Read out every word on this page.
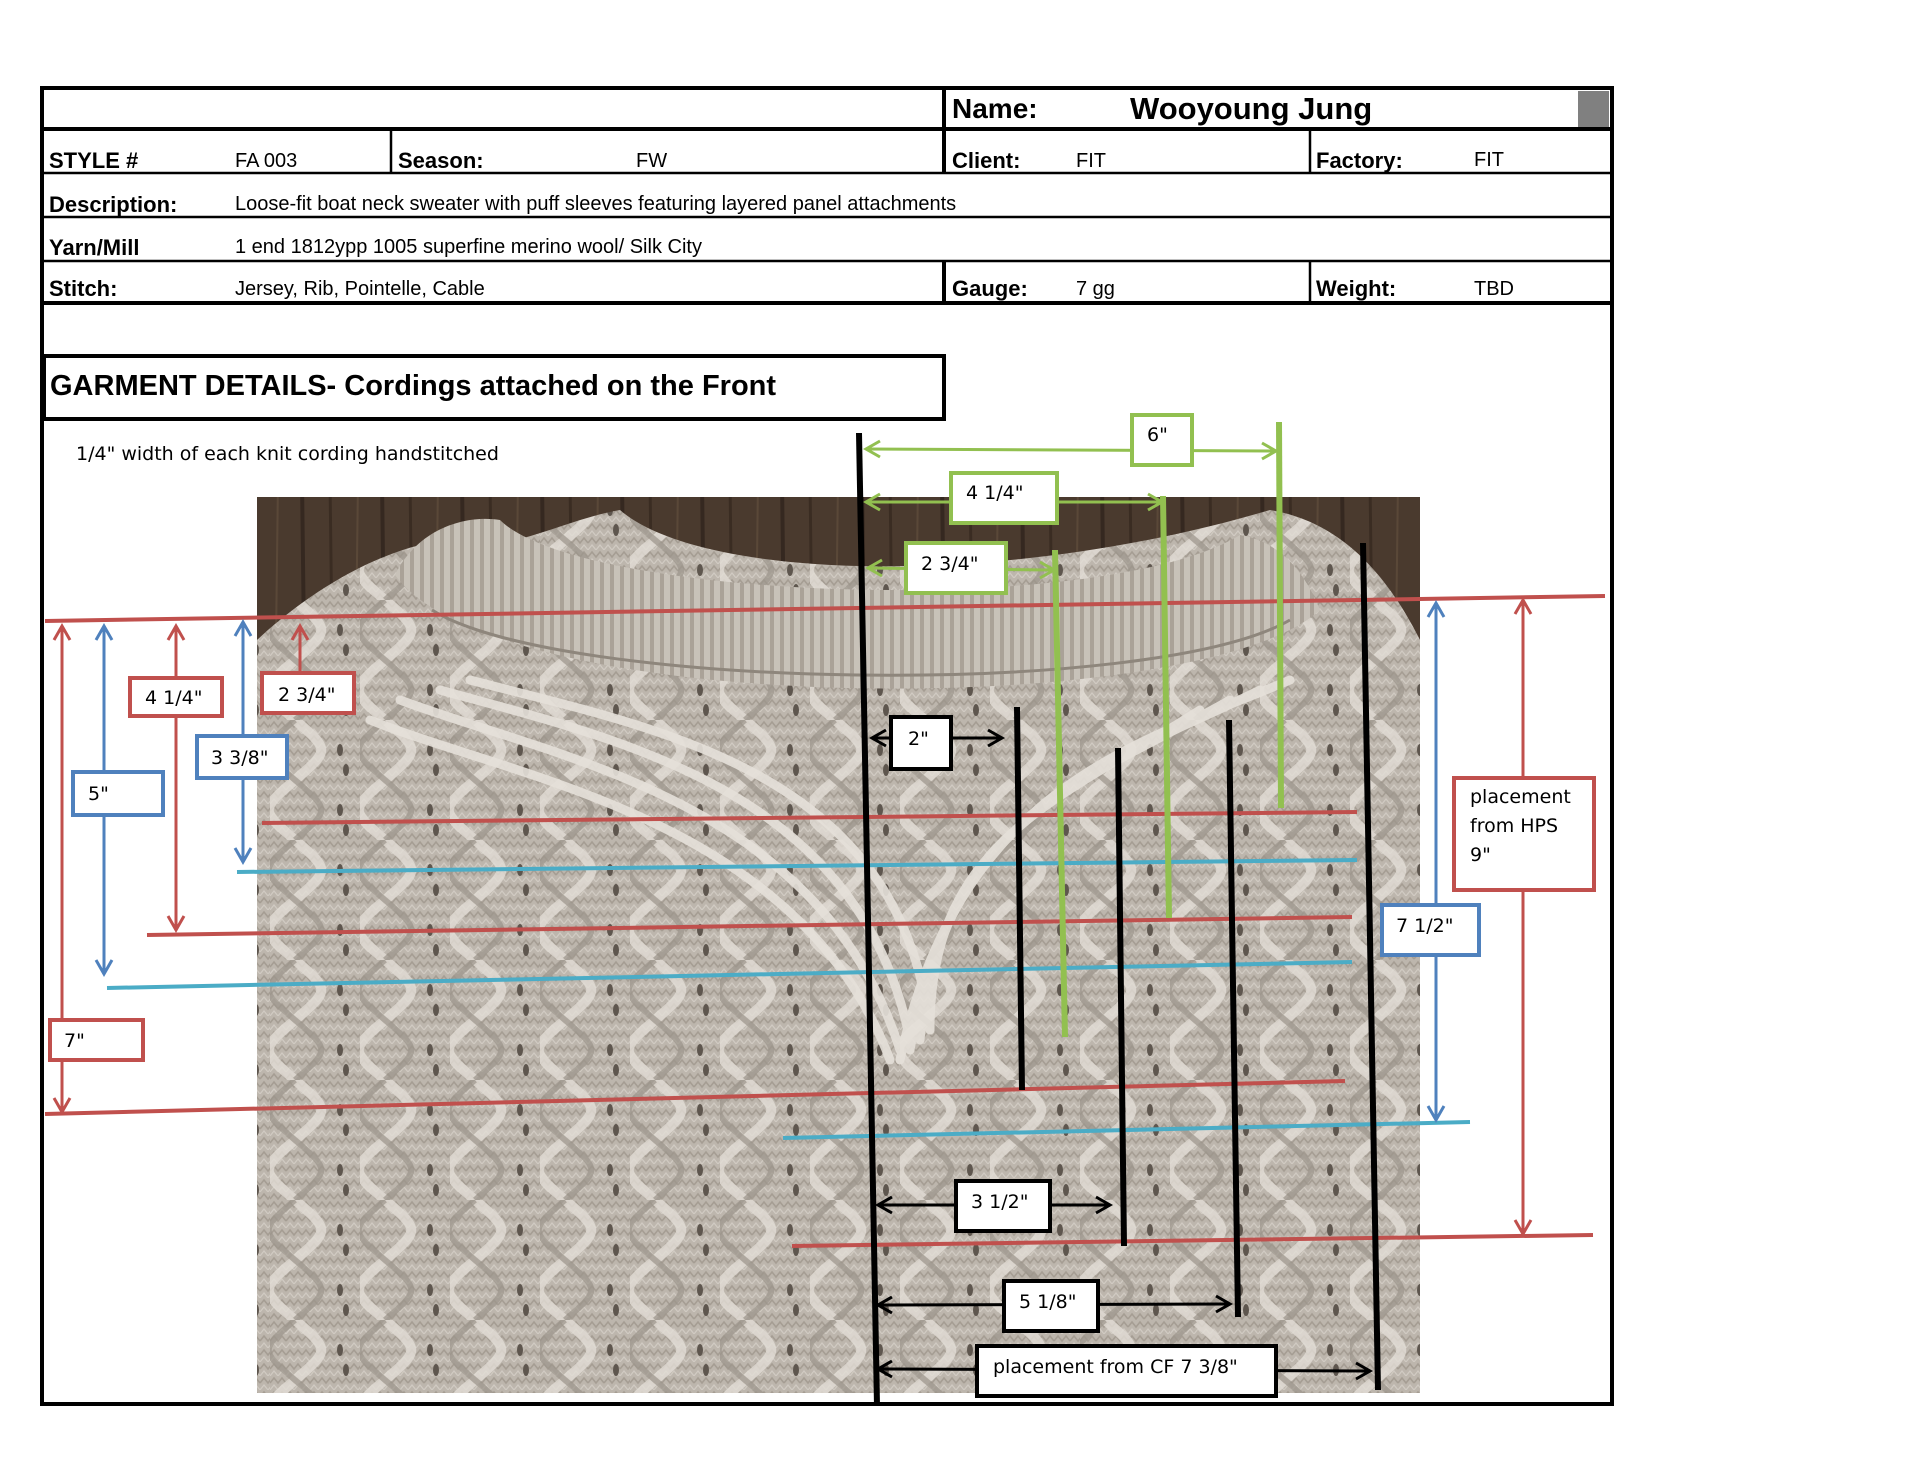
Name:	Wooyoung Jung
STYLE #	FA 003	Season:	FW	Client:	FIT	Factory:	FIT
Description:	Loose-fit boat neck sweater with puff sleeves featuring layered panel attachments
Yarn/Mill	1 end 1812ypp 1005 superfine merino wool/ Silk City
Stitch:	Jersey, Rib, Pointelle, Cable	Gauge: 7 gg	Weight:	TBD
GARMENT DETAILS- Cordings attached on the Front
1/4" width of each knit cording handstitched
6"
4 1/4"
2 3/4"
4 1/4"	2 3/4"
3 3/8"
5"
7"
2"
3 1/2"
5 1/8"
placement from CF 7 3/8"
7 1/2"
placement
from HPS
9"
